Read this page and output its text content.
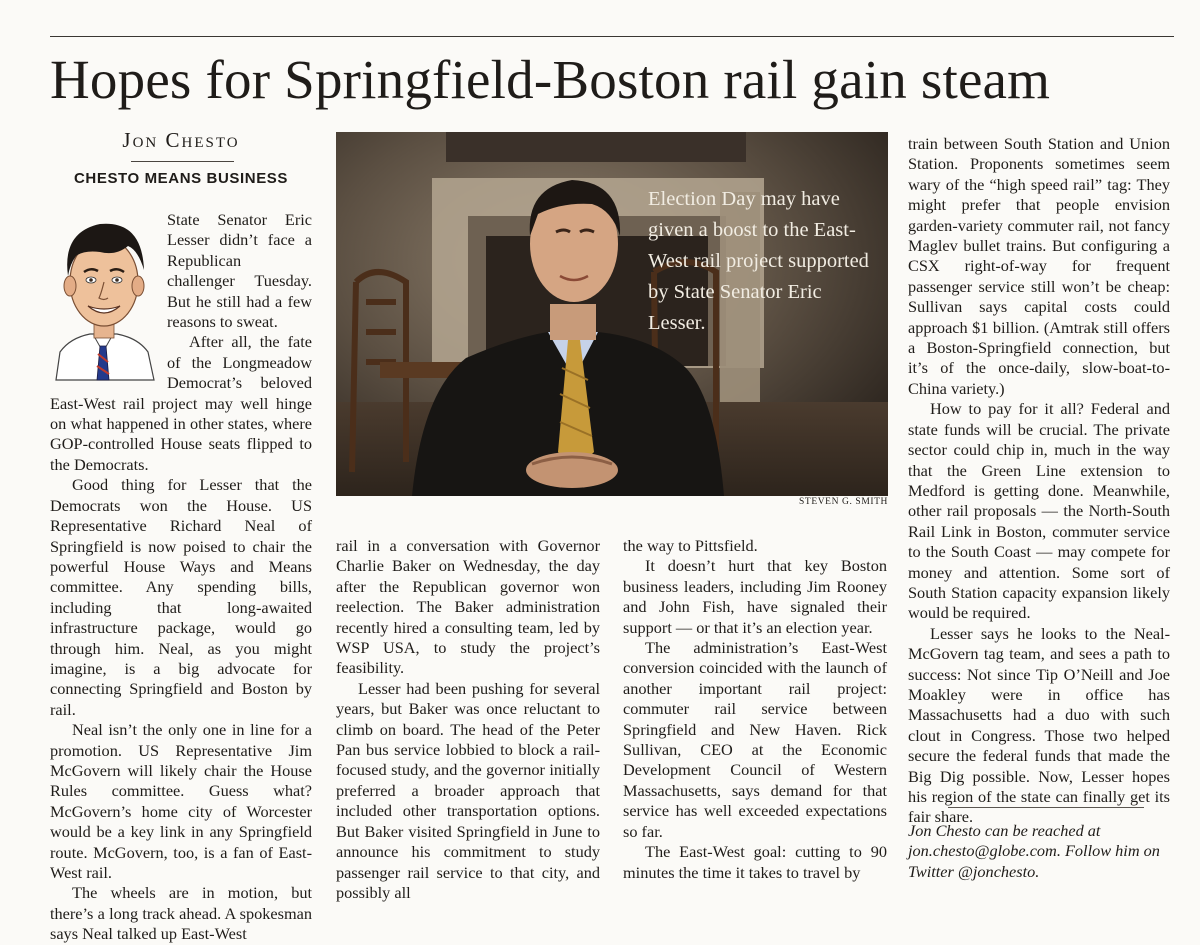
Hopes for Springfield-Boston rail gain steam
Jon Chesto
CHESTO MEANS BUSINESS

State Senator Eric Lesser didn’t face a Republican challenger Tuesday. But he still had a few reasons to sweat.

After all, the fate of the Longmeadow Democrat’s beloved East-West rail project may well hinge on what happened in other states, where GOP-controlled House seats flipped to the Democrats.

Good thing for Lesser that the Democrats won the House. US Representative Richard Neal of Springfield is now poised to chair the powerful House Ways and Means committee. Any spending bills, including that long-awaited infrastructure package, would go through him. Neal, as you might imagine, is a big advocate for connecting Springfield and Boston by rail.

Neal isn’t the only one in line for a promotion. US Representative Jim McGovern will likely chair the House Rules committee. Guess what? McGovern’s home city of Worcester would be a key link in any Springfield route. McGovern, too, is a fan of East-West rail.

The wheels are in motion, but there’s a long track ahead. A spokesman says Neal talked up East-West

Election Day may have given a boost to the East-West rail project supported by State Senator Eric Lesser.
STEVEN G. SMITH

rail in a conversation with Governor Charlie Baker on Wednesday, the day after the Republican governor won reelection. The Baker administration recently hired a consulting team, led by WSP USA, to study the project’s feasibility.

Lesser had been pushing for several years, but Baker was once reluctant to climb on board. The head of the Peter Pan bus service lobbied to block a rail-focused study, and the governor initially preferred a broader approach that included other transportation options. But Baker visited Springfield in June to announce his commitment to study passenger rail service to that city, and possibly all

the way to Pittsfield.

It doesn’t hurt that key Boston business leaders, including Jim Rooney and John Fish, have signaled their support — or that it’s an election year.

The administration’s East-West conversion coincided with the launch of another important rail project: commuter rail service between Springfield and New Haven. Rick Sullivan, CEO at the Economic Development Council of Western Massachusetts, says demand for that service has well exceeded expectations so far.

The East-West goal: cutting to 90 minutes the time it takes to travel by

train between South Station and Union Station. Proponents sometimes seem wary of the “high speed rail” tag: They might prefer that people envision garden-variety commuter rail, not fancy Maglev bullet trains. But configuring a CSX right-of-way for frequent passenger service still won’t be cheap: Sullivan says capital costs could approach $1 billion. (Amtrak still offers a Boston-Springfield connection, but it’s of the once-daily, slow-boat-to-China variety.)

How to pay for it all? Federal and state funds will be crucial. The private sector could chip in, much in the way that the Green Line extension to Medford is getting done. Meanwhile, other rail proposals — the North-South Rail Link in Boston, commuter service to the South Coast — may compete for money and attention. Some sort of South Station capacity expansion likely would be required.

Lesser says he looks to the Neal-McGovern tag team, and sees a path to success: Not since Tip O’Neill and Joe Moakley were in office has Massachusetts had a duo with such clout in Congress. Those two helped secure the federal funds that made the Big Dig possible. Now, Lesser hopes his region of the state can finally get its fair share.

Jon Chesto can be reached at jon.chesto@globe.com. Follow him on Twitter @jonchesto.
